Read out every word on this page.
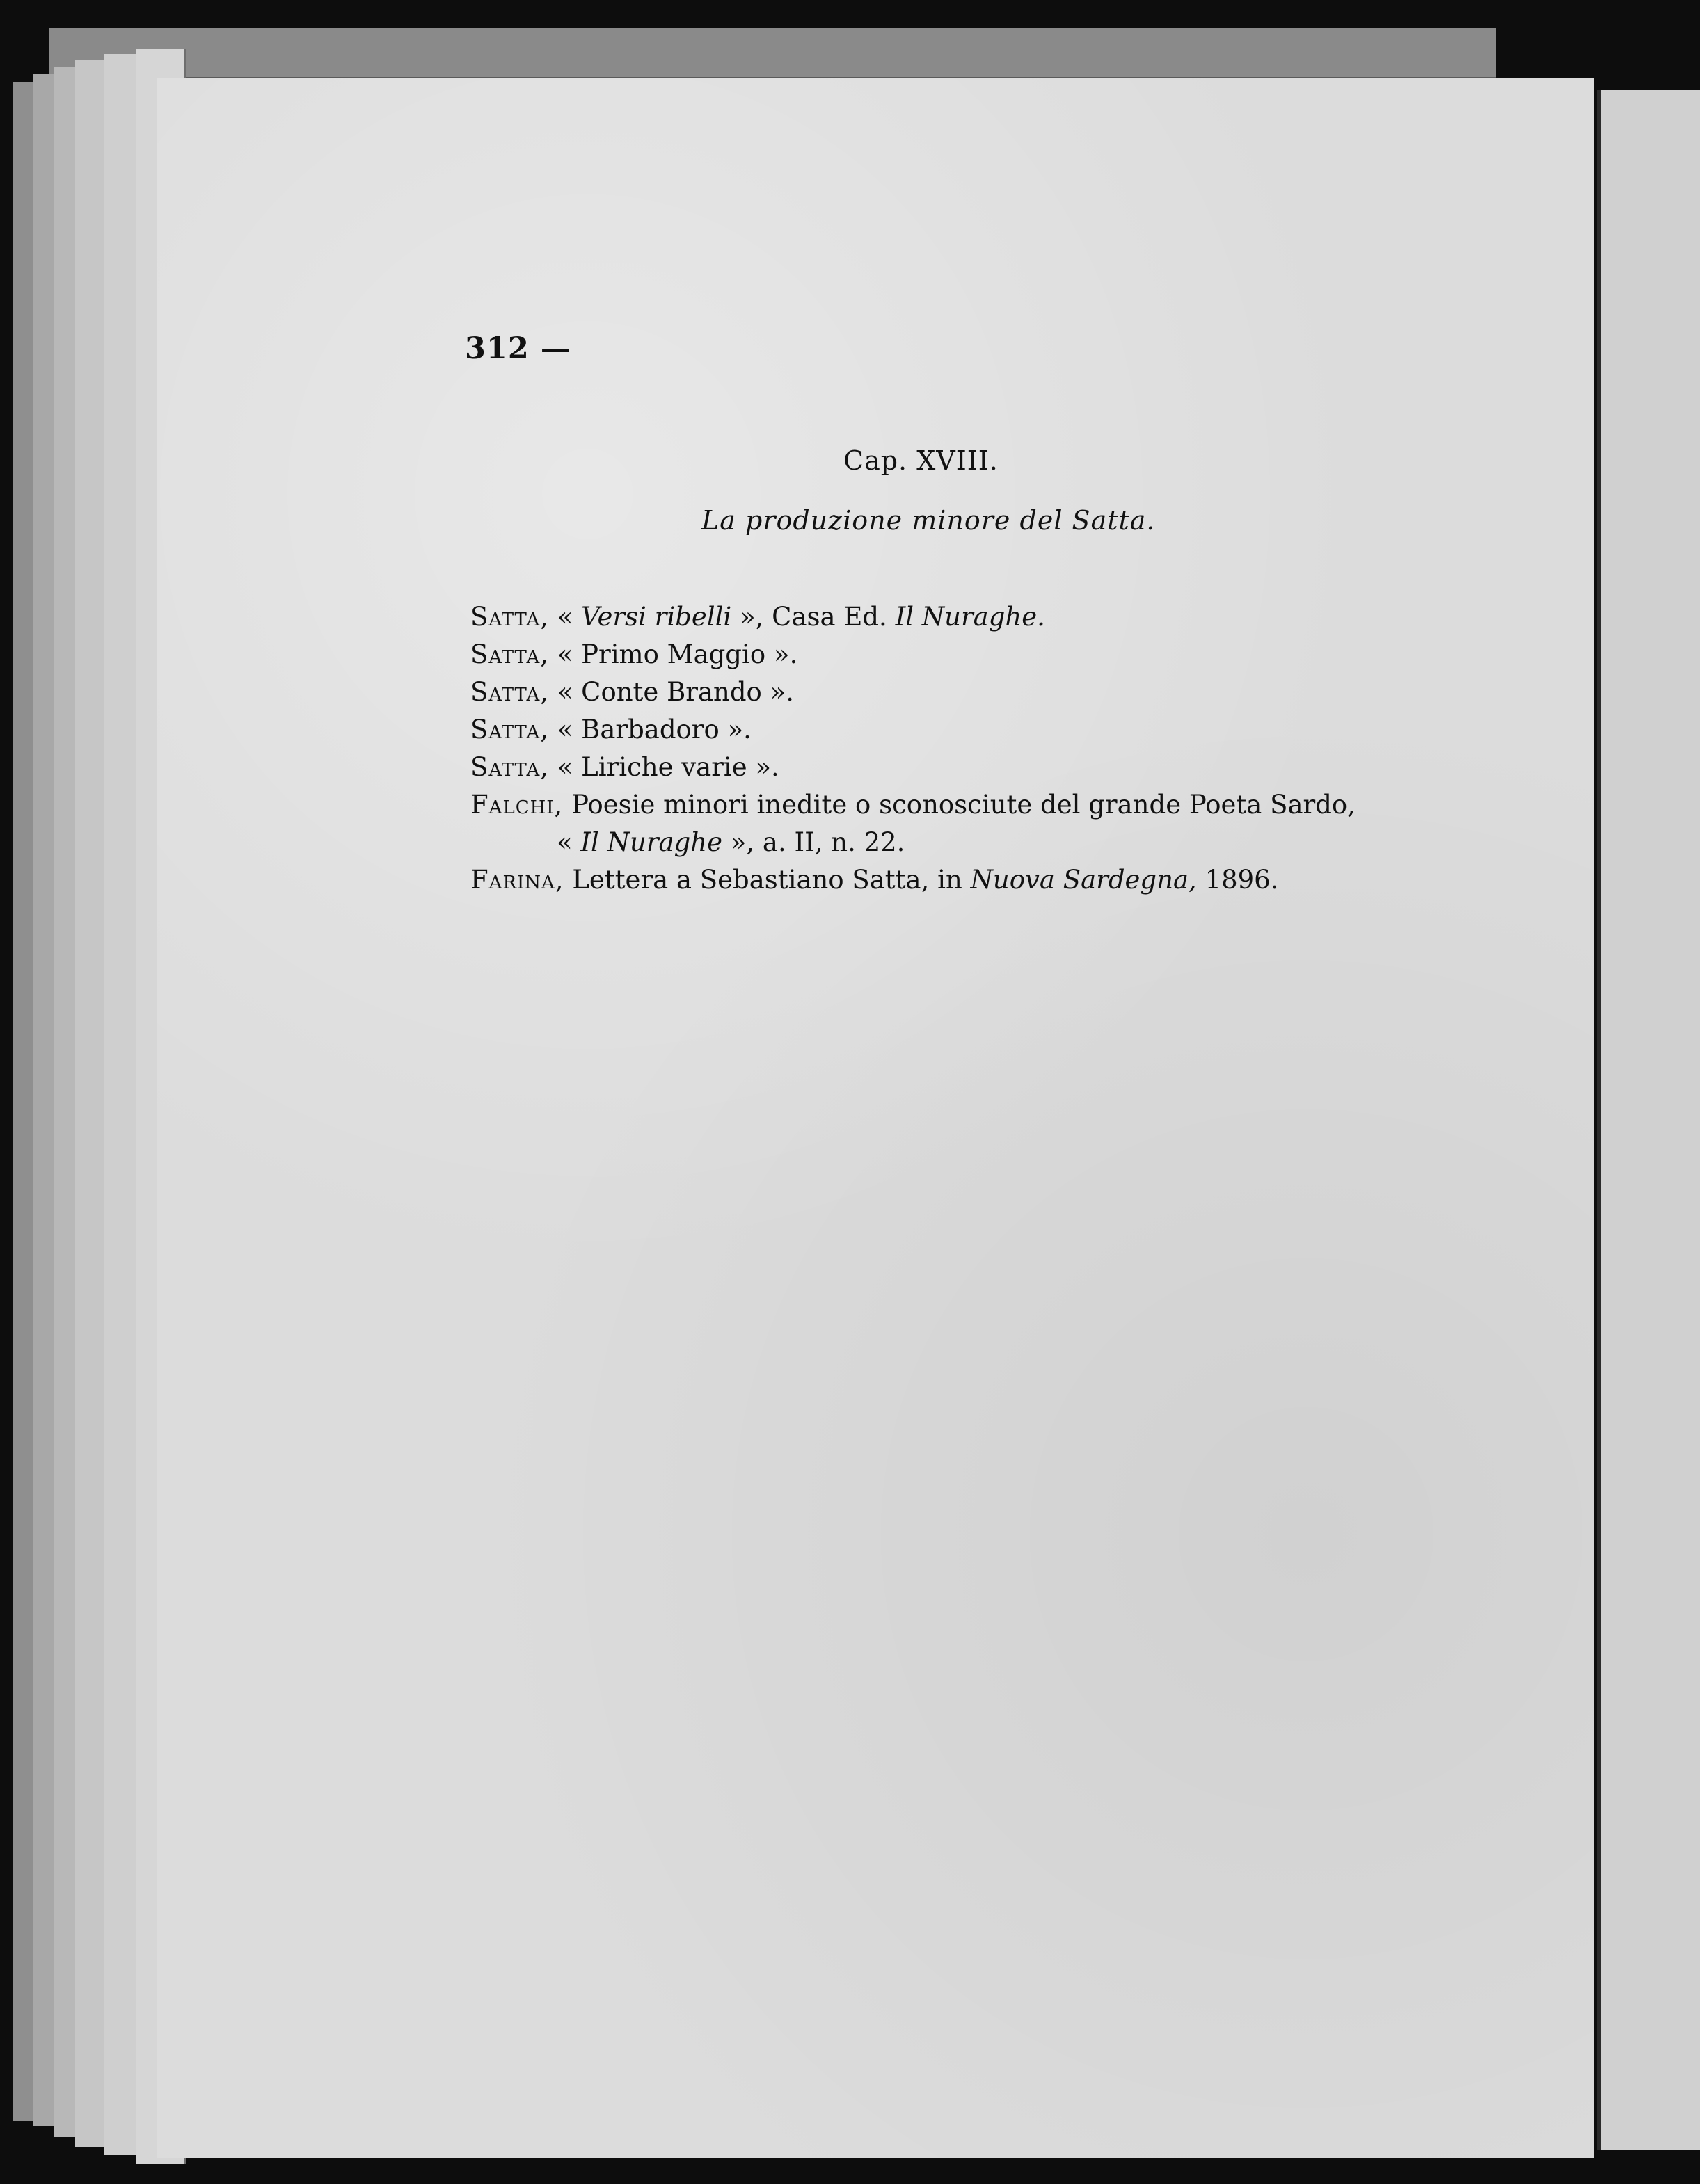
312 —
Cap. XVIII.
La produzione minore del Satta.
Satta, « Versi ribelli », Casa Ed. Il Nuraghe.
Satta, « Primo Maggio ».
Satta, « Conte Brando ».
Satta, « Barbadoro ».
Satta, « Liriche varie ».
Falchi, Poesie minori inedite o sconosciute del grande Poeta Sardo,
« Il Nuraghe », a. II, n. 22.
Farina, Lettera a Sebastiano Satta, in Nuova Sardegna, 1896.
